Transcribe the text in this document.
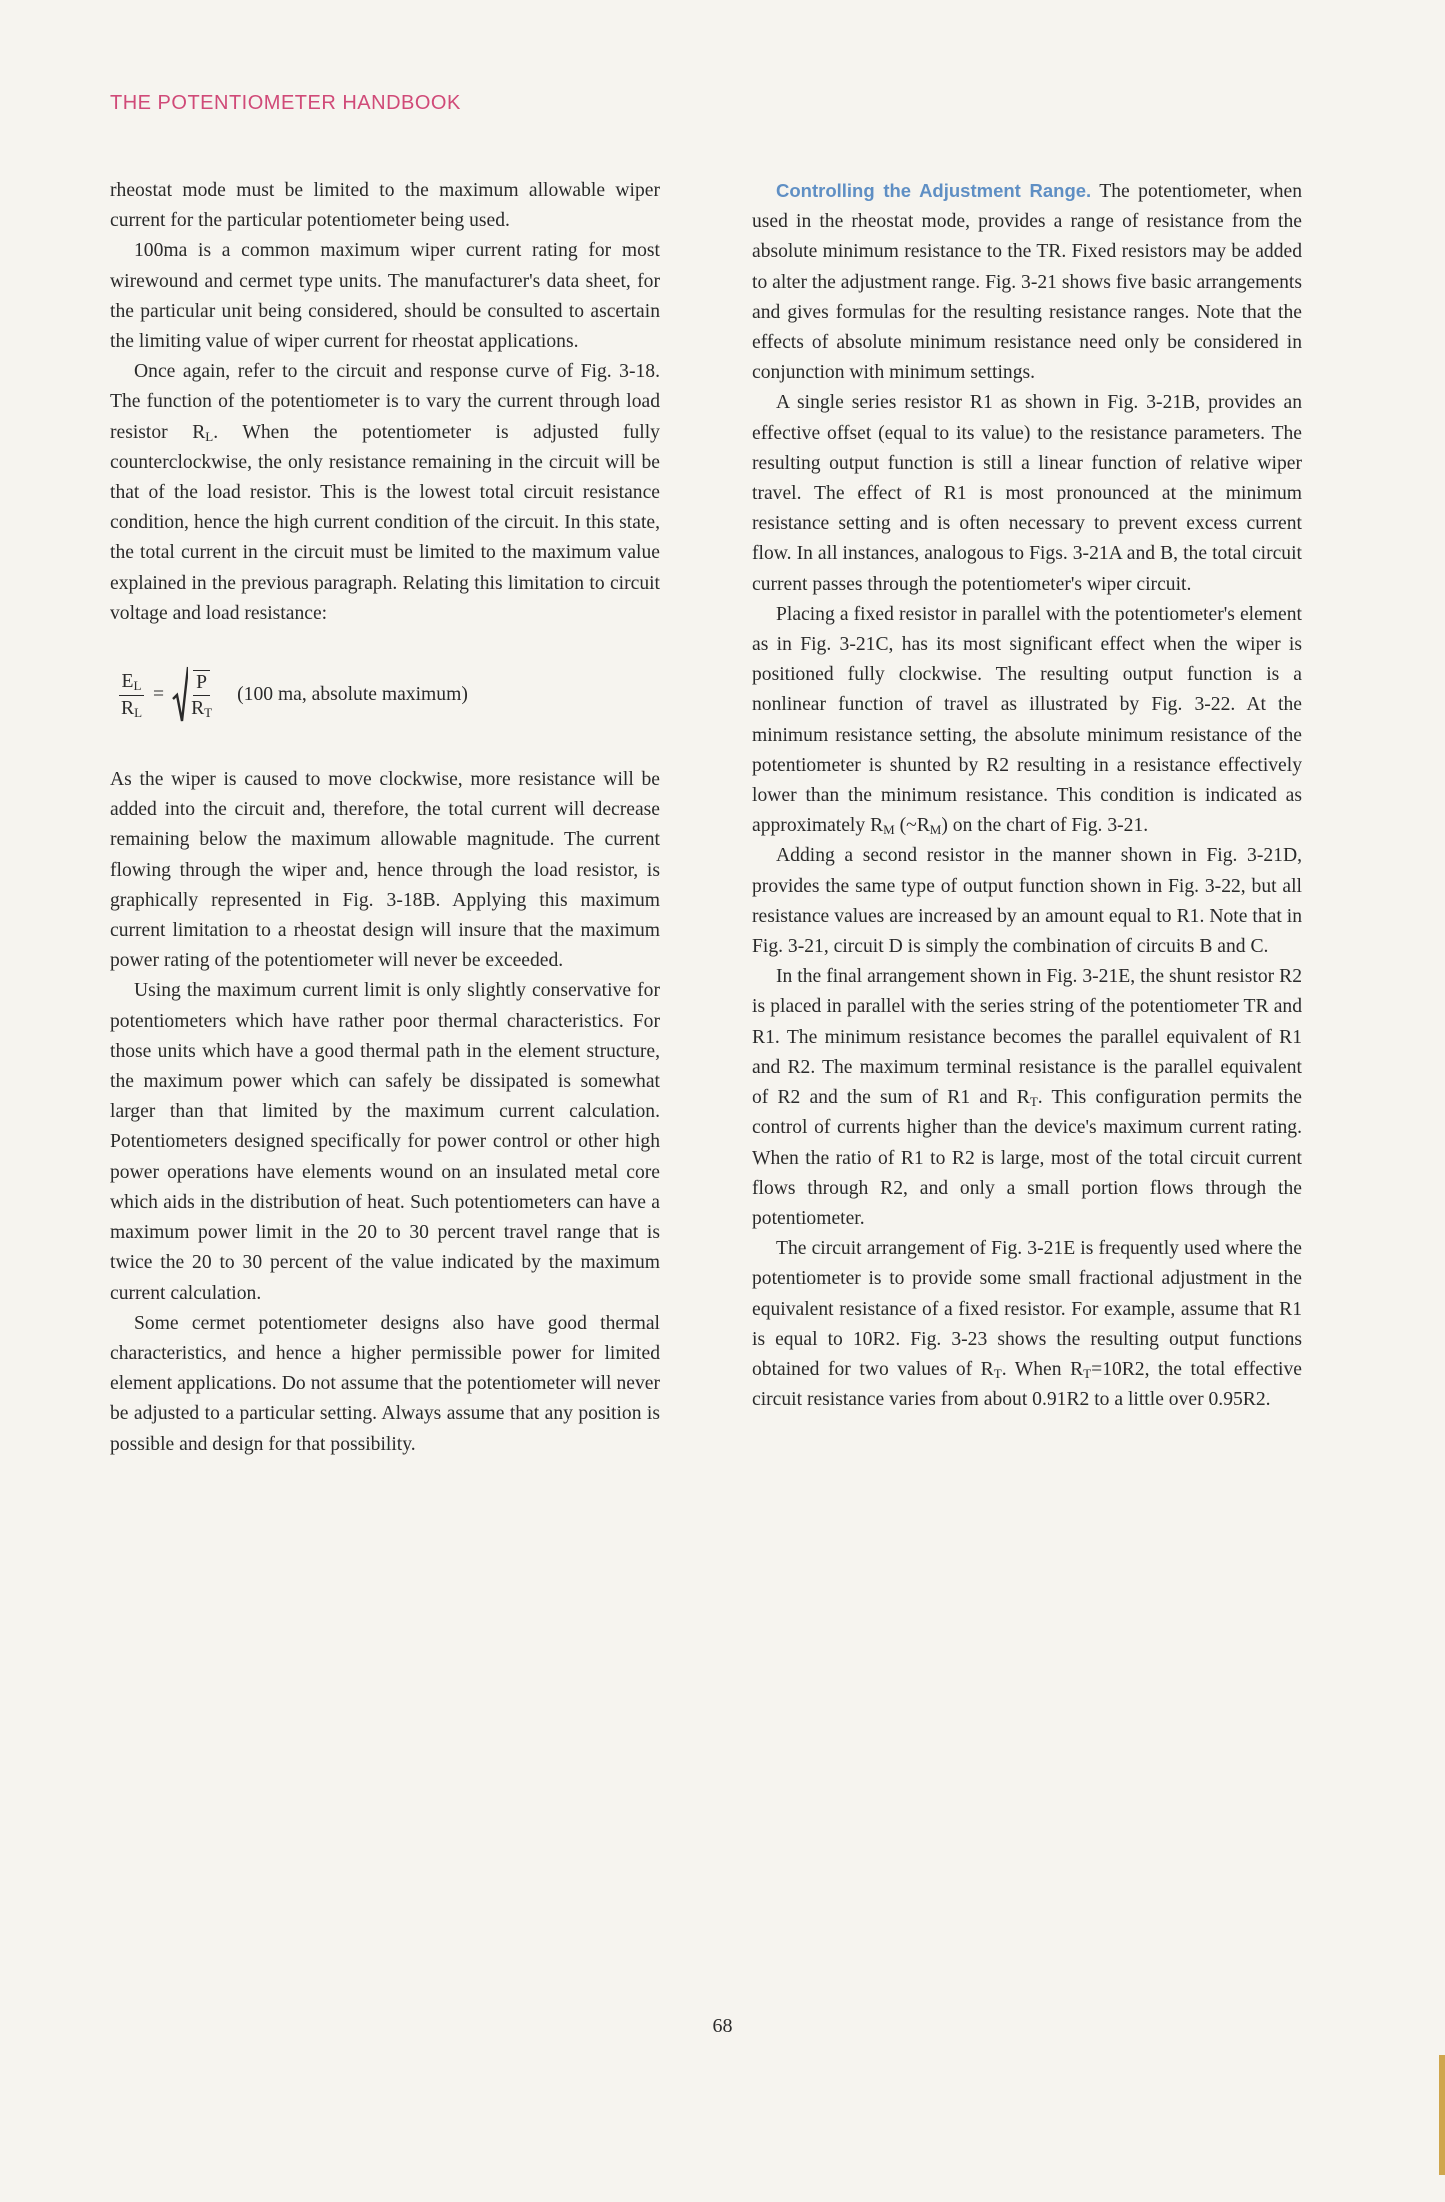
THE POTENTIOMETER HANDBOOK

rheostat mode must be limited to the maximum allowable wiper current for the particular potentiometer being used.

100ma is a common maximum wiper current rating for most wirewound and cermet type units. The manufacturer's data sheet, for the particular unit being considered, should be consulted to ascertain the limiting value of wiper current for rheostat applications.

Once again, refer to the circuit and response curve of Fig. 3-18. The function of the potentiometer is to vary the current through load resistor $R_L$. When the potentiometer is adjusted fully counterclockwise, the only resistance remaining in the circuit will be that of the load resistor. This is the lowest total circuit resistance condition, hence the high current condition of the circuit. In this state, the total current in the circuit must be limited to the maximum value explained in the previous paragraph. Relating this limitation to circuit voltage and load resistance:

$\frac{E_L}{R_L} = \frac{P}{R_T} (100$ ma, absolute maximum)

As the wiper is caused to move clockwise, more resistance will be added into the circuit and, therefore, the total current will decrease remaining below the maximum allowable magnitude. The current flowing through the wiper and, hence through the load resistor, is graphically represented in Fig. 3-18B. Applying this maximum current limitation to a rheostat design will insure that the maximum power rating of the potentiometer will never be exceeded.

Using the maximum current limit is only slightly conservative for potentiometers which have rather poor thermal characteristics. For those units which have a good thermal path in the element structure, the maximum power which can safely be dissipated is somewhat larger than that limited by the maximum current calculation. Potentiometers designed specifically for power control or other high power operations have elements wound on an insulated metal core which aids in the distribution of heat. Such potentiometers can have a maximum power limit in the 20 to 30 percent travel range that is twice the 20 to 30 percent of the value indicated by the maximum current calculation.

Some cermet potentiometer designs also have good thermal characteristics, and hence a higher permissible power for limited element applications. Do not assume that the potentiometer will never be adjusted to a particular setting. Always assume that any position is possible and design for that possibility.

Controlling the Adjustment Range. The potentiometer, when used in the rheostat mode, provides a range of resistance from the absolute minimum resistance to the TR. Fixed resistors may be added to alter the adjustment range. Fig. 3-21 shows five basic arrangements and gives formulas for the resulting resistance ranges. Note that the effects of absolute minimum resistance need only be considered in conjunction with minimum settings.

A single series resistor R1 as shown in Fig. 3-21B, provides an effective offset (equal to its value) to the resistance parameters. The resulting output function is still a linear function of relative wiper travel. The effect of R1 is most pronounced at the minimum resistance setting and is often necessary to prevent excess current flow. In all instances, analogous to Figs. 3-21A and B, the total circuit current passes through the potentiometer's wiper circuit.

Placing a fixed resistor in parallel with the potentiometer's element as in Fig. 3-21C, has its most significant effect when the wiper is positioned fully clockwise. The resulting output function is a nonlinear function of travel as illustrated by Fig. 3-22. At the minimum resistance setting, the absolute minimum resistance of the potentiometer is shunted by R2 resulting in a resistance effectively lower than the minimum resistance. This condition is indicated as approximately $R_M$ $(\sim R_M)$ on the chart of Fig. 3-21.

Adding a second resistor in the manner shown in Fig. 3-21D, provides the same type of output function shown in Fig. 3-22, but all resistance values are increased by an amount equal to R1. Note that in Fig. 3-21, circuit D is simply the combination of circuits B and C.

In the final arrangement shown in Fig. 3-21E, the shunt resistor R2 is placed in parallel with the series string of the potentiometer TR and R1. The minimum resistance becomes the parallel equivalent of R1 and R2. The maximum terminal resistance is the parallel equivalent of R2 and the sum of R1 and $R_T$. This configuration permits the control of currents higher than the device's maximum current rating. When the ratio of R1 to R2 is large, most of the total circuit current flows through R2, and only a small portion flows through the potentiometer.

The circuit arrangement of Fig. 3-21E is frequently used where the potentiometer is to provide some small fractional adjustment in the equivalent resistance of a fixed resistor. For example, assume that R1 is equal to 10R2. Fig. 3-23 shows the resulting output functions obtained for two values of $R_T$. When $R_T=10R2$, the total effective circuit resistance varies from about 0.91R2 to a little over 0.95R2.

68
